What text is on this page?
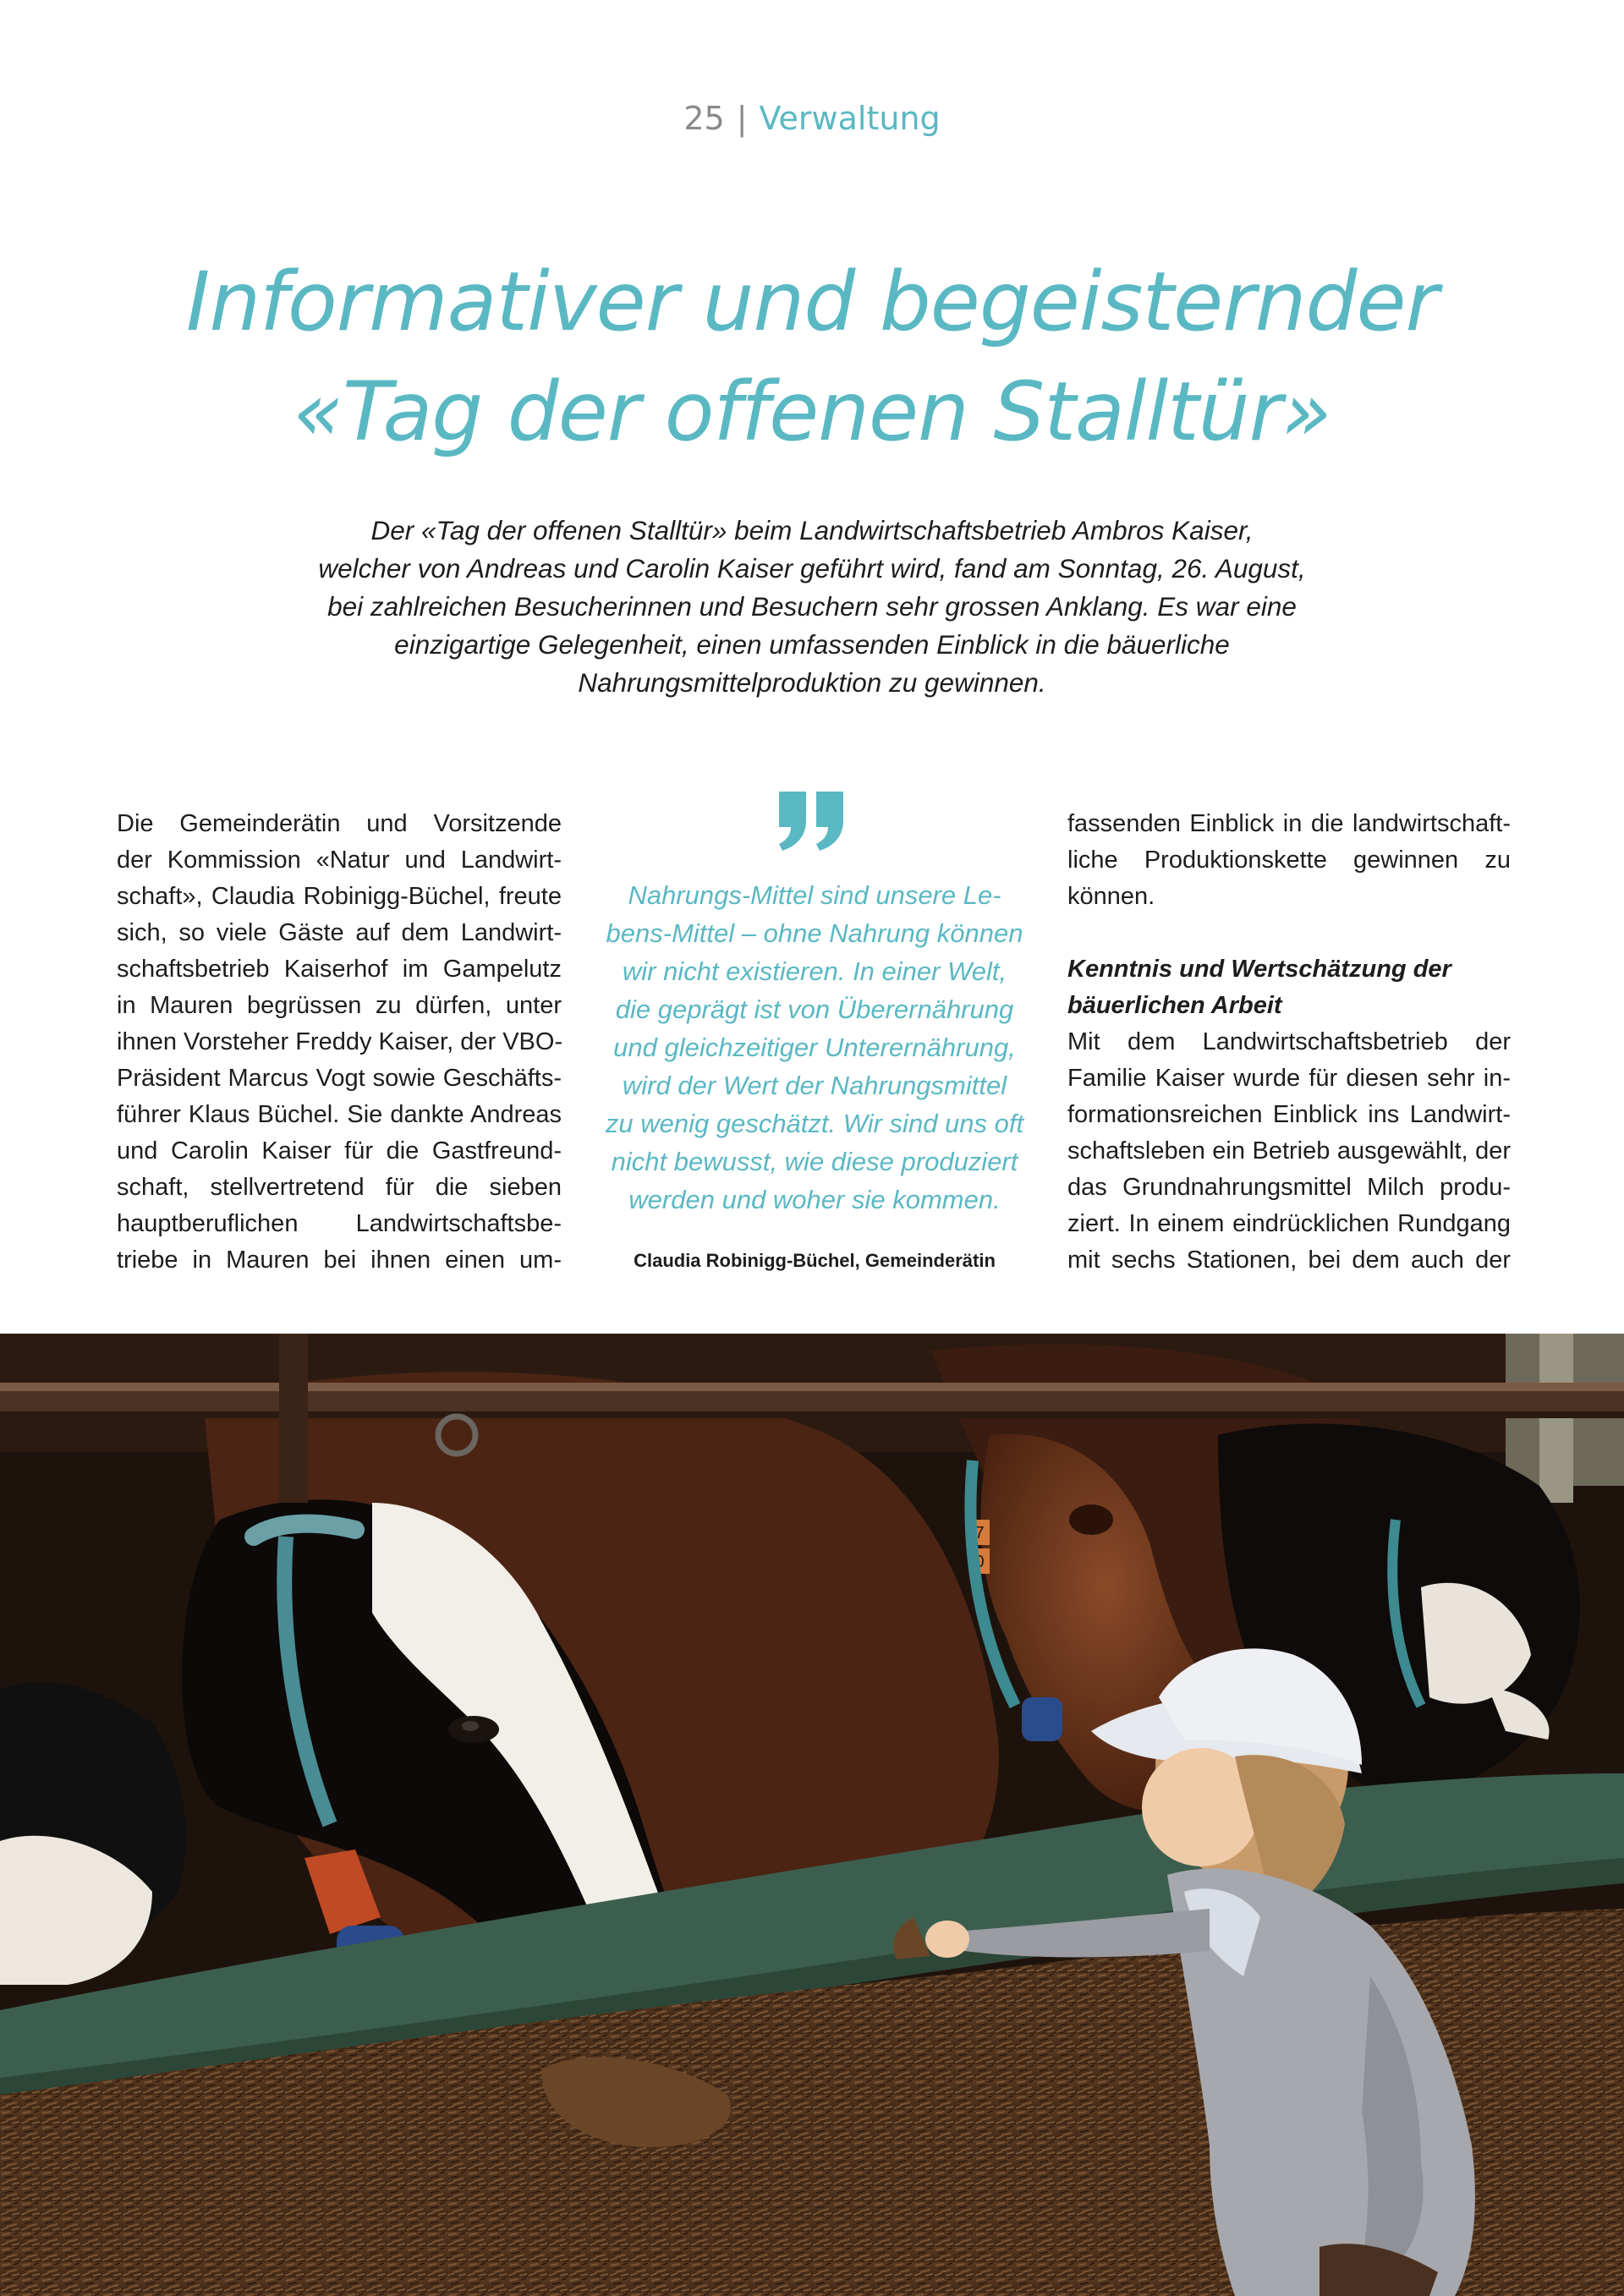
25 | Verwaltung
Informativer und begeisternder
«Tag der offenen Stalltür»
Der «Tag der offenen Stalltür» beim Landwirtschaftsbetrieb Ambros Kaiser,
welcher von Andreas und Carolin Kaiser geführt wird, fand am Sonntag, 26. August,
bei zahlreichen Besucherinnen und Besuchern sehr grossen Anklang. Es war eine
einzigartige Gelegenheit, einen umfassenden Einblick in die bäuerliche
Nahrungsmittelproduktion zu gewinnen.
Die Gemeinderätin und Vorsitzende
der Kommission «Natur und Landwirt-
schaft», Claudia Robinigg-Büchel, freute
sich, so viele Gäste auf dem Landwirt-
schaftsbetrieb Kaiserhof im Gampelutz
in Mauren begrüssen zu dürfen, unter
ihnen Vorsteher Freddy Kaiser, der VBO-
Präsident Marcus Vogt sowie Geschäfts-
führer Klaus Büchel. Sie dankte Andreas
und Carolin Kaiser für die Gastfreund-
schaft, stellvertretend für die sieben
hauptberuflichen Landwirtschaftsbe-
triebe in Mauren bei ihnen einen um-
Nahrungs-Mittel sind unsere Le-
bens-Mittel – ohne Nahrung können
wir nicht existieren. In einer Welt,
die geprägt ist von Überernährung
und gleichzeitiger Unterernährung,
wird der Wert der Nahrungsmittel
zu wenig geschätzt. Wir sind uns oft
nicht bewusst, wie diese produziert
werden und woher sie kommen.
Claudia Robinigg-Büchel, Gemeinderätin
fassenden Einblick in die landwirtschaft-
liche Produktionskette gewinnen zu
können.
Kenntnis und Wertschätzung der
bäuerlichen Arbeit
Mit dem Landwirtschaftsbetrieb der
Familie Kaiser wurde für diesen sehr in-
formationsreichen Einblick ins Landwirt-
schaftsleben ein Betrieb ausgewählt, der
das Grundnahrungsmittel Milch produ-
ziert. In einem eindrücklichen Rundgang
mit sechs Stationen, bei dem auch der
7
0
